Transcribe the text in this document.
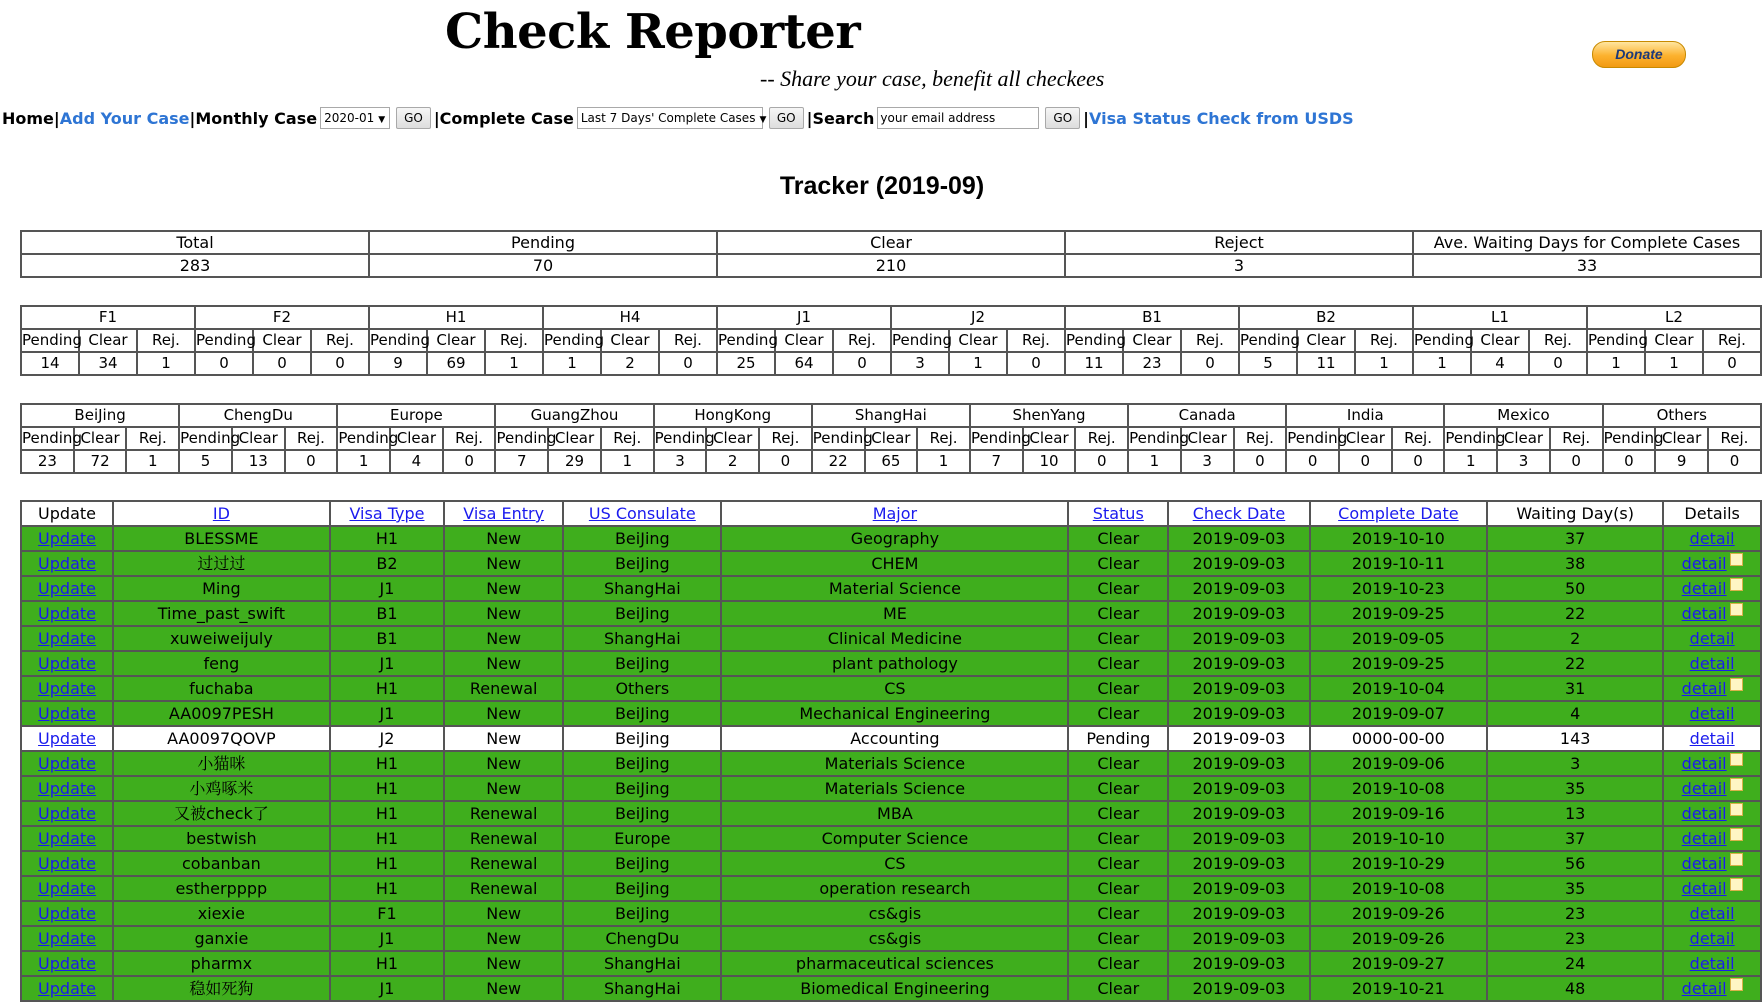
Check Reporter
-- Share your case, benefit all checkees
Donate
Home | Add Your Case | Monthly Case 2020-01 ▼	GO | Complete Case Last 7 Days' Complete Cases ▼ GO | Search your email address	GO | Visa Status Check from USDS
Tracker (2019-09)
Total	Pending	Clear	Reject	Ave. Waiting Days for Complete Cases
283	70	210	3	33
F1			F2			H1			H4			J1			J2			B1			B2			L1			L2		
Pending	Clear	Rej.	Pending	Clear	Rej.	Pending	Clear	Rej.	Pending	Clear	Rej.	Pending	Clear	Rej.	Pending	Clear	Rej.	Pending	Clear	Rej.	Pending	Clear	Rej.	Pending	Clear	Rej.	Pending	Clear	Rej.
14	34	1	0	0	0	9	69	1	1	2	0	25	64	0	3	1	0	11	23	0	5	11	1	1	4	0	1	1	0
BeiJing			ChengDu			Europe			GuangZhou			HongKong			ShangHai			ShenYang			Canada			India			Mexico			Others		
Pending	Clear	Rej.	Pending	Clear	Rej.	Pending	Clear	Rej.	Pending	Clear	Rej.	Pending	Clear	Rej.	Pending	Clear	Rej.	Pending	Clear	Rej.	Pending	Clear	Rej.	Pending	Clear	Rej.	Pending	Clear	Rej.	Pending	Clear	Rej.
23	72	1	5	13	0	1	4	0	7	29	1	3	2	0	22	65	1	7	10	0	1	3	0	0	0	0	1	3	0	0	9	0
Update	ID	Visa Type	Visa Entry	US Consulate	Major	Status	Check Date	Complete Date	Waiting Day(s)	Details
Update	BLESSME	H1	New	BeiJing	Geography	Clear	2019-09-03	2019-10-10	37	detail
Update	过过过	B2	New	BeiJing	CHEM	Clear	2019-09-03	2019-10-11	38	detail
Update	Ming	J1	New	ShangHai	Material Science	Clear	2019-09-03	2019-10-23	50	detail
Update	Time_past_swift	B1	New	BeiJing	ME	Clear	2019-09-03	2019-09-25	22	detail
Update	xuweiweijuly	B1	New	ShangHai	Clinical Medicine	Clear	2019-09-03	2019-09-05	2	detail
Update	feng	J1	New	BeiJing	plant pathology	Clear	2019-09-03	2019-09-25	22	detail
Update	fuchaba	H1	Renewal	Others	CS	Clear	2019-09-03	2019-10-04	31	detail
Update	AA0097PESH	J1	New	BeiJing	Mechanical Engineering	Clear	2019-09-03	2019-09-07	4	detail
Update	AA0097QOVP	J2	New	BeiJing	Accounting	Pending	2019-09-03	0000-00-00	143	detail
Update	小猫咪	H1	New	BeiJing	Materials Science	Clear	2019-09-03	2019-09-06	3	detail
Update	小鸡啄米	H1	New	BeiJing	Materials Science	Clear	2019-09-03	2019-10-08	35	detail
Update	又被check了	H1	Renewal	BeiJing	MBA	Clear	2019-09-03	2019-09-16	13	detail
Update	bestwish	H1	Renewal	Europe	Computer Science	Clear	2019-09-03	2019-10-10	37	detail
Update	cobanban	H1	Renewal	BeiJing	CS	Clear	2019-09-03	2019-10-29	56	detail
Update	estherpppp	H1	Renewal	BeiJing	operation research	Clear	2019-09-03	2019-10-08	35	detail
Update	xiexie	F1	New	BeiJing	cs&gis	Clear	2019-09-03	2019-09-26	23	detail
Update	ganxie	J1	New	ChengDu	cs&gis	Clear	2019-09-03	2019-09-26	23	detail
Update	pharmx	H1	New	ShangHai	pharmaceutical sciences	Clear	2019-09-03	2019-09-27	24	detail
Update	稳如死狗	J1	New	ShangHai	Biomedical Engineering	Clear	2019-09-03	2019-10-21	48	detail
